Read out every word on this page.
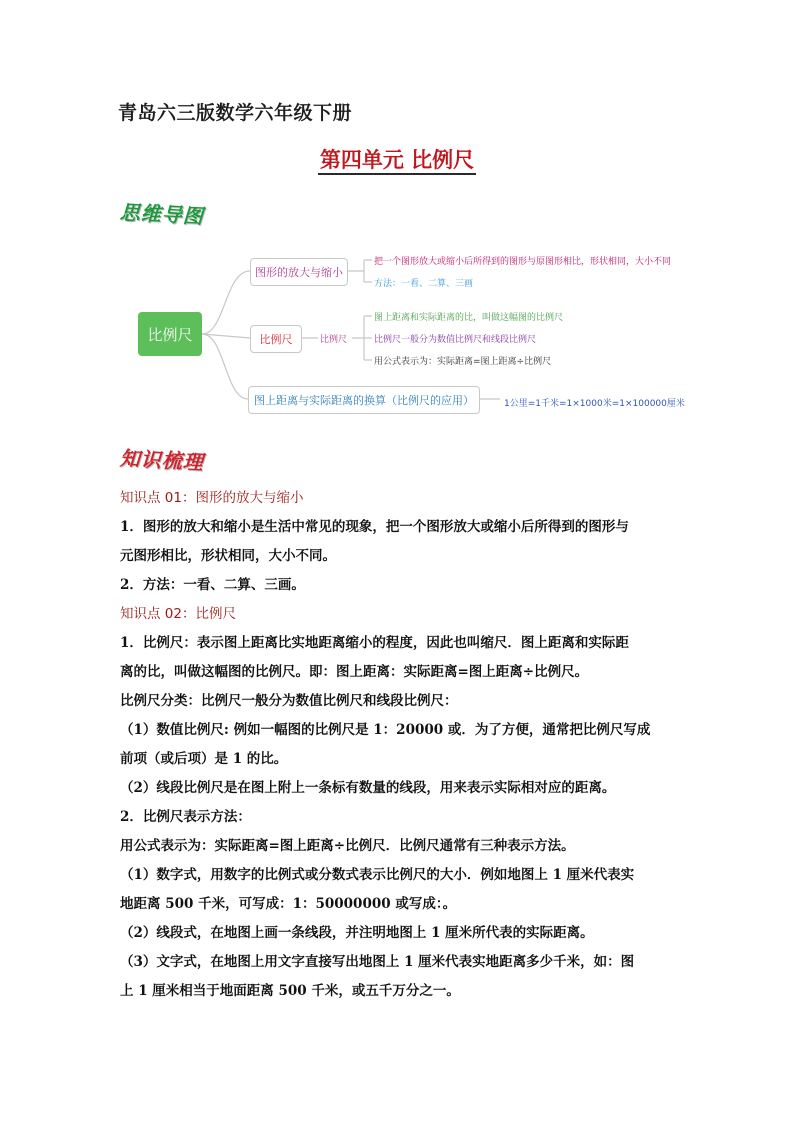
青岛六三版数学六年级下册
第四单元 比例尺
思维导图
比例尺
图形的放大与缩小
比例尺
图上距离与实际距离的换算（比例尺的应用）
把一个图形放大或缩小后所得到的图形与原图形相比，形状相同，大小不同
方法：一看、二算、三画
比例尺
图上距离和实际距离的比，叫做这幅图的比例尺
比例尺一般分为数值比例尺和线段比例尺
用公式表示为：实际距离=图上距离÷比例尺
1公里=1千米=1×1000米=1×100000厘米
知识梳理
知识点 01：图形的放大与缩小
1．图形的放大和缩小是生活中常见的现象，把一个图形放大或缩小后所得到的图形与
元图形相比，形状相同，大小不同。
2．方法：一看、二算、三画。
知识点 02：比例尺
1．比例尺：表示图上距离比实地距离缩小的程度，因此也叫缩尺．图上距离和实际距
离的比，叫做这幅图的比例尺。即：图上距离：实际距离=图上距离÷比例尺。
比例尺分类：比例尺一般分为数值比例尺和线段比例尺：
（1）数值比例尺: 例如一幅图的比例尺是 1：20000 或．为了方便，通常把比例尺写成
前项（或后项）是 1 的比。
（2）线段比例尺是在图上附上一条标有数量的线段，用来表示实际相对应的距离。
2．比例尺表示方法：
用公式表示为：实际距离=图上距离÷比例尺．比例尺通常有三种表示方法。
（1）数字式，用数字的比例式或分数式表示比例尺的大小．例如地图上 1 厘米代表实
地距离 500 千米，可写成：1：50000000 或写成：。
（2）线段式，在地图上画一条线段，并注明地图上 1 厘米所代表的实际距离。
（3）文字式，在地图上用文字直接写出地图上 1 厘米代表实地距离多少千米，如：图
上 1 厘米相当于地面距离 500 千米，或五千万分之一。
